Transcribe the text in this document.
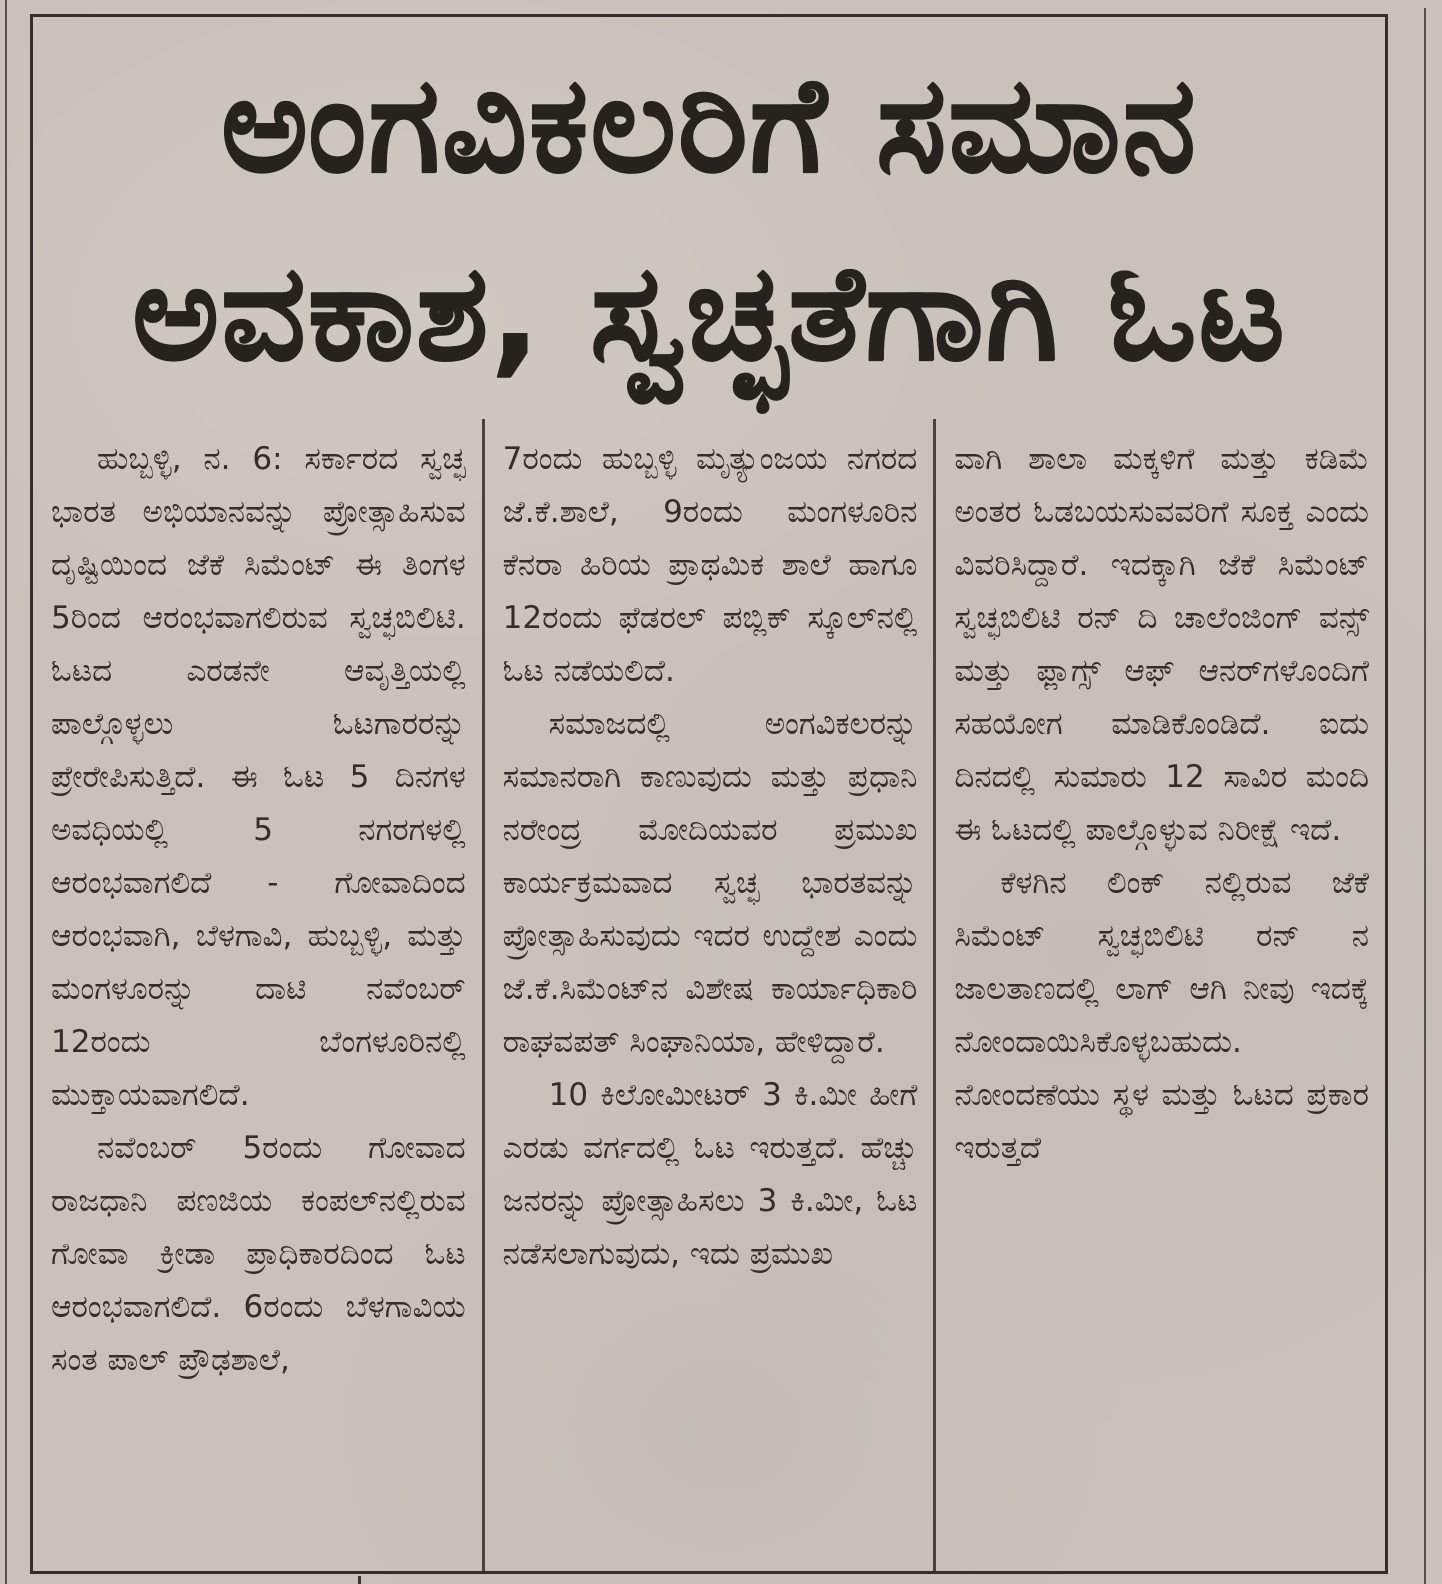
ಅಂಗವಿಕಲರಿಗೆ ಸಮಾನ
ಅವಕಾಶ, ಸ್ವಚ್ಛತೆಗಾಗಿ ಓಟ

ಹುಬ್ಬಳ್ಳಿ, ನ. 6: ಸರ್ಕಾರದ ಸ್ವಚ್ಛ ಭಾರತ ಅಭಿಯಾನವನ್ನು ಪ್ರೋತ್ಸಾಹಿಸುವ ದೃಷ್ಟಿಯಿಂದ ಜೆಕೆ ಸಿಮೆಂಟ್ ಈ ತಿಂಗಳ 5ರಿಂದ ಆರಂಭವಾಗಲಿರುವ ಸ್ವಚ್ಛಬಿಲಿಟಿ. ಓಟದ ಎರಡನೇ ಆವೃತ್ತಿಯಲ್ಲಿ ಪಾಲ್ಗೊಳ್ಳಲು ಓಟಗಾರರನ್ನು ಪ್ರೇರೇಪಿಸುತ್ತಿದೆ. ಈ ಓಟ 5 ದಿನಗಳ ಅವಧಿಯಲ್ಲಿ 5 ನಗರಗಳಲ್ಲಿ ಆರಂಭವಾಗಲಿದೆ - ಗೋವಾದಿಂದ ಆರಂಭವಾಗಿ, ಬೆಳಗಾವಿ, ಹುಬ್ಬಳ್ಳಿ, ಮತ್ತು ಮಂಗಳೂರನ್ನು ದಾಟಿ ನವೆಂಬರ್ 12ರಂದು ಬೆಂಗಳೂರಿನಲ್ಲಿ ಮುಕ್ತಾಯವಾಗಲಿದೆ.

ನವೆಂಬರ್ 5ರಂದು ಗೋವಾದ ರಾಜಧಾನಿ ಪಣಜಿಯ ಕಂಪಲ್‌ನಲ್ಲಿರುವ ಗೋವಾ ಕ್ರೀಡಾ ಪ್ರಾಧಿಕಾರದಿಂದ ಓಟ ಆರಂಭವಾಗಲಿದೆ. 6ರಂದು ಬೆಳಗಾವಿಯ ಸಂತ ಪಾಲ್ ಪ್ರೌಢಶಾಲೆ,

7ರಂದು ಹುಬ್ಬಳ್ಳಿ ಮೃತ್ಯುಂಜಯ ನಗರದ ಜೆ.ಕೆ.ಶಾಲೆ, 9ರಂದು ಮಂಗಳೂರಿನ ಕೆನರಾ ಹಿರಿಯ ಪ್ರಾಥಮಿಕ ಶಾಲೆ ಹಾಗೂ 12ರಂದು ಫೆಡರಲ್ ಪಬ್ಲಿಕ್ ಸ್ಕೂಲ್‌ನಲ್ಲಿ ಓಟ ನಡೆಯಲಿದೆ.

ಸಮಾಜದಲ್ಲಿ ಅಂಗವಿಕಲರನ್ನು ಸಮಾನರಾಗಿ ಕಾಣುವುದು ಮತ್ತು ಪ್ರಧಾನಿ ನರೇಂದ್ರ ಮೋದಿಯವರ ಪ್ರಮುಖ ಕಾರ್ಯಕ್ರಮವಾದ ಸ್ವಚ್ಛ ಭಾರತವನ್ನು ಪ್ರೋತ್ಸಾಹಿಸುವುದು ಇದರ ಉದ್ದೇಶ ಎಂದು ಜೆ.ಕೆ.ಸಿಮೆಂಟ್‌ನ ವಿಶೇಷ ಕಾರ್ಯಾಧಿಕಾರಿ ರಾಘವಪತ್ ಸಿಂಘಾನಿಯಾ, ಹೇಳಿದ್ದಾರೆ.

10 ಕಿಲೋಮೀಟರ್ 3 ಕಿ.ಮೀ ಹೀಗೆ ಎರಡು ವರ್ಗದಲ್ಲಿ ಓಟ ಇರುತ್ತದೆ. ಹೆಚ್ಚು ಜನರನ್ನು ಪ್ರೋತ್ಸಾಹಿಸಲು 3 ಕಿ.ಮೀ, ಓಟ ನಡೆಸಲಾಗುವುದು, ಇದು ಪ್ರಮುಖ

ವಾಗಿ ಶಾಲಾ ಮಕ್ಕಳಿಗೆ ಮತ್ತು ಕಡಿಮೆ ಅಂತರ ಓಡಬಯಸುವವರಿಗೆ ಸೂಕ್ತ ಎಂದು ವಿವರಿಸಿದ್ದಾರೆ. ಇದಕ್ಕಾಗಿ ಜೆಕೆ ಸಿಮೆಂಟ್ ಸ್ವಚ್ಛಬಿಲಿಟಿ ರನ್ ದಿ ಚಾಲೆಂಜಿಂಗ್ ವನ್ಸ್ ಮತ್ತು ಫ್ಲಾಗ್ಸ್ ಆಫ್ ಆನರ್‌ಗಳೊಂದಿಗೆ ಸಹಯೋಗ ಮಾಡಿಕೊಂಡಿದೆ. ಐದು ದಿನದಲ್ಲಿ ಸುಮಾರು 12 ಸಾವಿರ ಮಂದಿ ಈ ಓಟದಲ್ಲಿ ಪಾಲ್ಗೊಳ್ಳುವ ನಿರೀಕ್ಷೆ ಇದೆ.

ಕೆಳಗಿನ ಲಿಂಕ್ ನಲ್ಲಿರುವ ಜೆಕೆ ಸಿಮೆಂಟ್ ಸ್ವಚ್ಛಬಿಲಿಟಿ ರನ್ ನ ಜಾಲತಾಣದಲ್ಲಿ ಲಾಗ್ ಆಗಿ ನೀವು ಇದಕ್ಕೆ ನೋಂದಾಯಿಸಿಕೊಳ್ಳಬಹುದು. ನೋಂದಣೆಯು ಸ್ಥಳ ಮತ್ತು ಓಟದ ಪ್ರಕಾರ ಇರುತ್ತದೆ
